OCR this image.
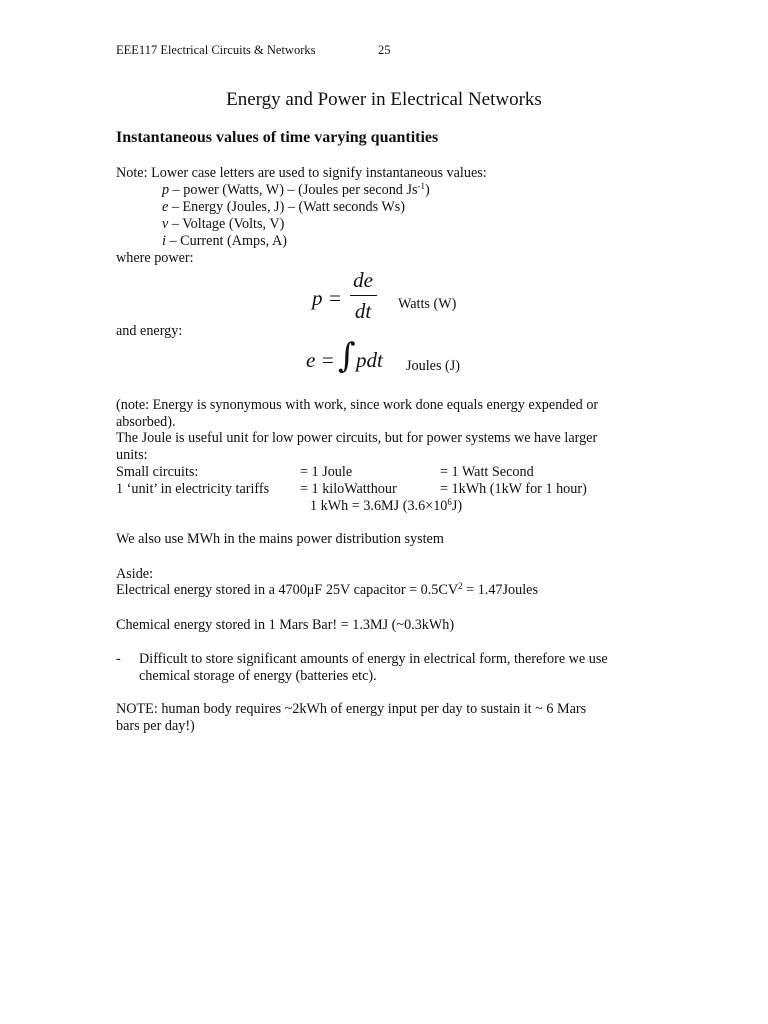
EEE117 Electrical Circuits & Networks	25
Energy and Power in Electrical Networks
Instantaneous values of time varying quantities
Note: Lower case letters are used to signify instantaneous values:
p – power (Watts, W) – (Joules per second $Js^{-1}$)
e – Energy (Joules, J) – (Watt seconds Ws)
v – Voltage (Volts, V)
i – Current (Amps, A)
where power:
p =
de
dt	Watts (W)
and energy:
e = ∫ pdt Joules (J)
(note: Energy is synonymous with work, since work done equals energy expended or
absorbed).
The Joule is useful unit for low power circuits, but for power systems we have larger
units:
Small circuits:	= 1 Joule	= 1 Watt Second
1 ‘unit’ in electricity tariffs = 1 kiloWatthour	= 1kWh (1kW for 1 hour)
1 kWh = 3.6MJ $(3.6\times 10^6J)$
We also use MWh in the mains power distribution system
Aside:
Electrical energy stored in a 4700μF 25V capacitor = $0.5CV^2$ = 1.47Joules
Chemical energy stored in 1 Mars Bar! = 1.3MJ (~0.3kWh)
- Difficult to store significant amounts of energy in electrical form, therefore we use
chemical storage of energy (batteries etc).
NOTE: human body requires ~2kWh of energy input per day to sustain it ~ 6 Mars
bars per day!)
